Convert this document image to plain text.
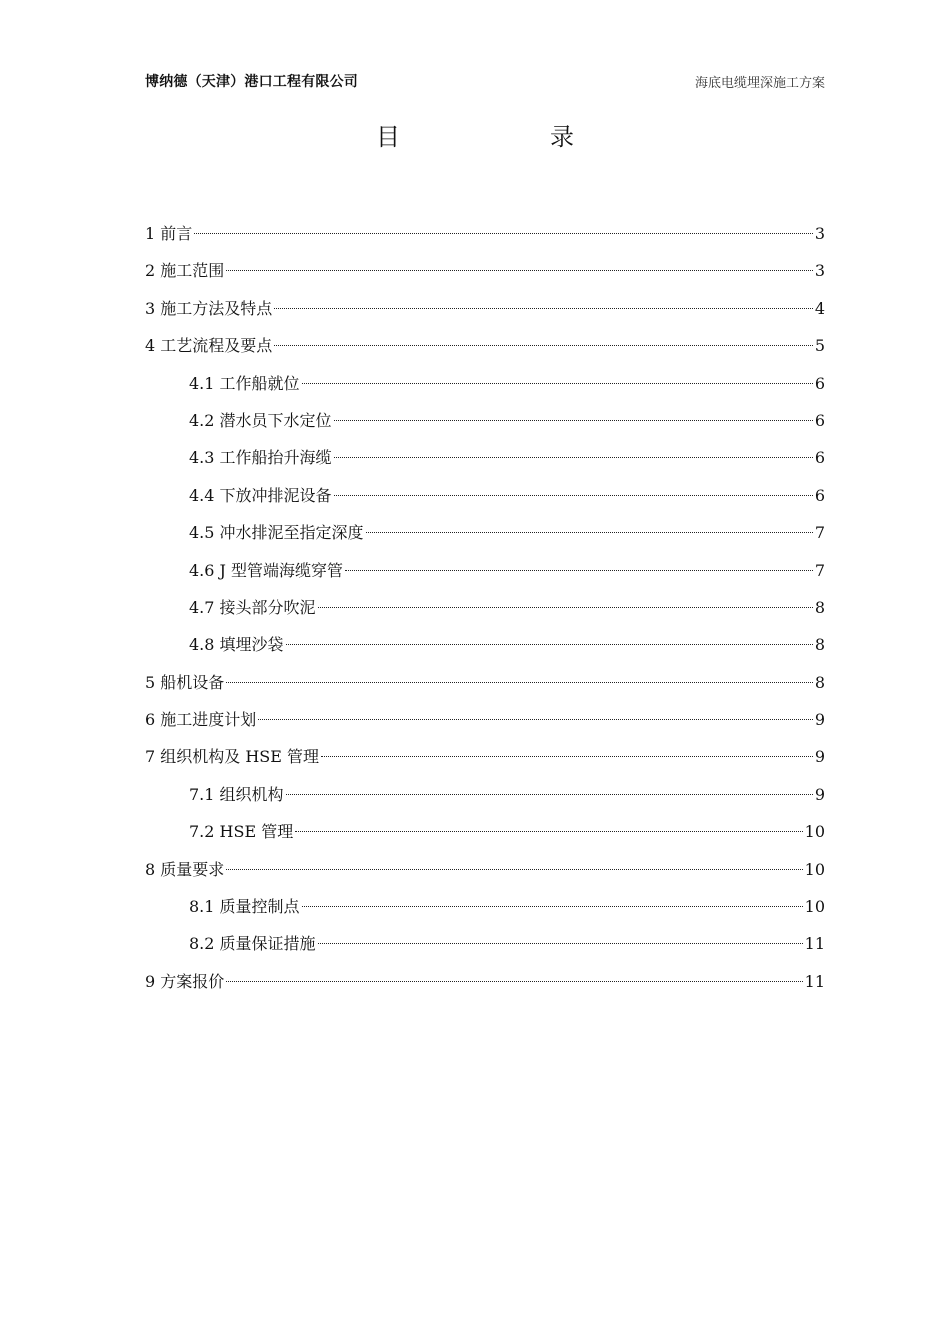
博纳德（天津）港口工程有限公司	海底电缆埋深施工方案
目	录
1 前言	3
2 施工范围	3
3 施工方法及特点	4
4 工艺流程及要点	5
4.1 工作船就位	6
4.2 潜水员下水定位	6
4.3 工作船抬升海缆	6
4.4 下放冲排泥设备	6
4.5 冲水排泥至指定深度	7
4.6 J 型管端海缆穿管	7
4.7 接头部分吹泥	8
4.8 填埋沙袋	8
5 船机设备	8
6 施工进度计划	9
7 组织机构及 HSE 管理	9
7.1 组织机构	9
7.2 HSE 管理	10
8 质量要求	10
8.1 质量控制点	10
8.2 质量保证措施	11
9 方案报价	11
